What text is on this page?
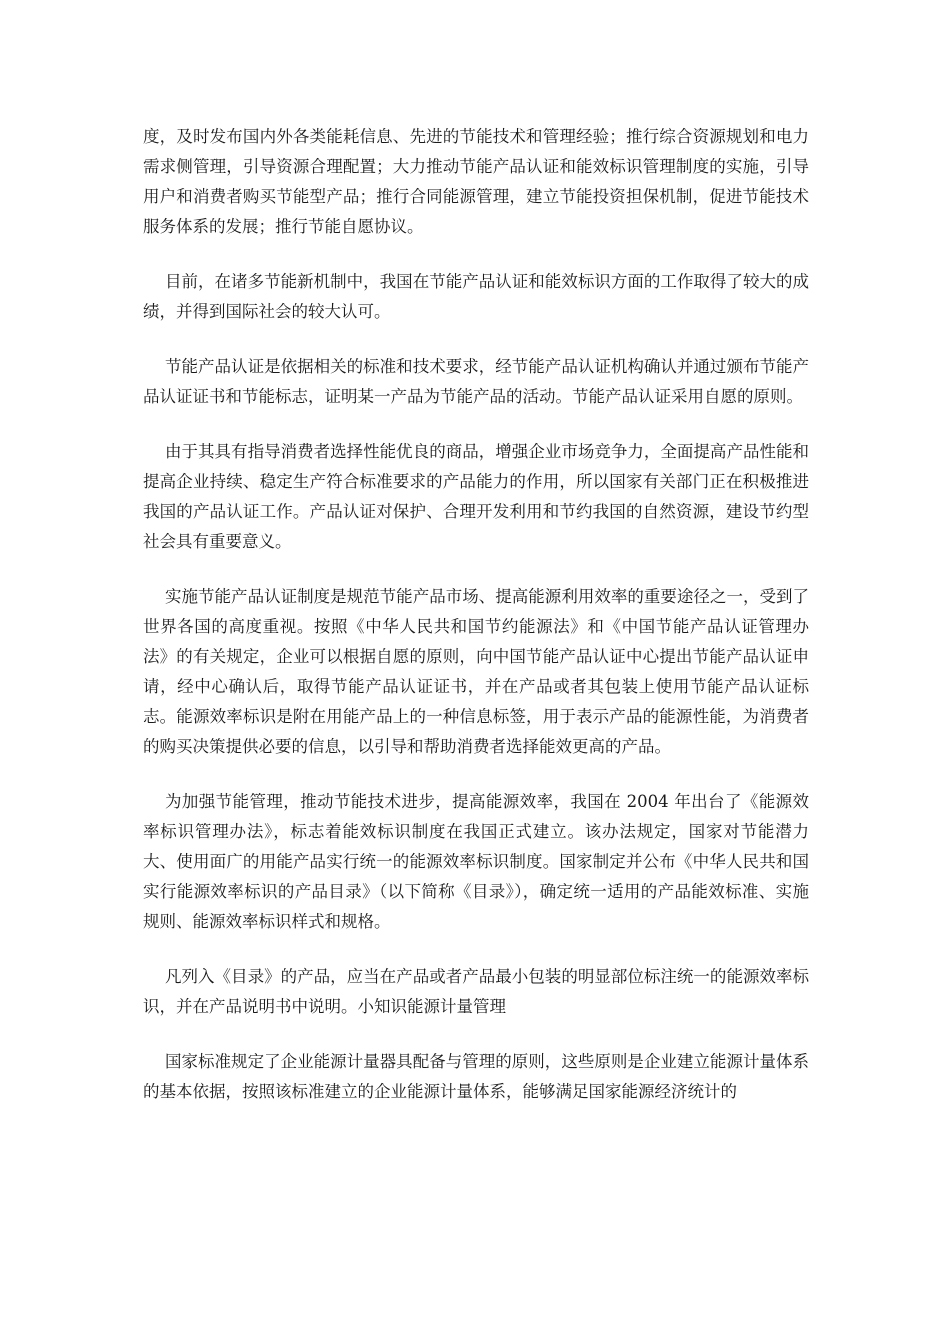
度，及时发布国内外各类能耗信息、先进的节能技术和管理经验；推行综合资源规划和电力需求侧管理，引导资源合理配置；大力推动节能产品认证和能效标识管理制度的实施，引导用户和消费者购买节能型产品；推行合同能源管理，建立节能投资担保机制，促进节能技术服务体系的发展；推行节能自愿协议。

目前，在诸多节能新机制中，我国在节能产品认证和能效标识方面的工作取得了较大的成绩，并得到国际社会的较大认可。

节能产品认证是依据相关的标准和技术要求，经节能产品认证机构确认并通过颁布节能产品认证证书和节能标志，证明某一产品为节能产品的活动。节能产品认证采用自愿的原则。

由于其具有指导消费者选择性能优良的商品，增强企业市场竞争力，全面提高产品性能和提高企业持续、稳定生产符合标准要求的产品能力的作用，所以国家有关部门正在积极推进我国的产品认证工作。产品认证对保护、合理开发利用和节约我国的自然资源，建设节约型社会具有重要意义。

实施节能产品认证制度是规范节能产品市场、提高能源利用效率的重要途径之一，受到了世界各国的高度重视。按照《中华人民共和国节约能源法》和《中国节能产品认证管理办法》的有关规定，企业可以根据自愿的原则，向中国节能产品认证中心提出节能产品认证申请，经中心确认后，取得节能产品认证证书，并在产品或者其包装上使用节能产品认证标志。能源效率标识是附在用能产品上的一种信息标签，用于表示产品的能源性能，为消费者的购买决策提供必要的信息，以引导和帮助消费者选择能效更高的产品。

为加强节能管理，推动节能技术进步，提高能源效率，我国在 2004 年出台了《能源效率标识管理办法》，标志着能效标识制度在我国正式建立。该办法规定，国家对节能潜力大、使用面广的用能产品实行统一的能源效率标识制度。国家制定并公布《中华人民共和国实行能源效率标识的产品目录》（以下简称《目录》），确定统一适用的产品能效标准、实施规则、能源效率标识样式和规格。

凡列入《目录》的产品，应当在产品或者产品最小包装的明显部位标注统一的能源效率标识，并在产品说明书中说明。小知识能源计量管理

国家标准规定了企业能源计量器具配备与管理的原则，这些原则是企业建立能源计量体系的基本依据，按照该标准建立的企业能源计量体系，能够满足国家能源经济统计的
